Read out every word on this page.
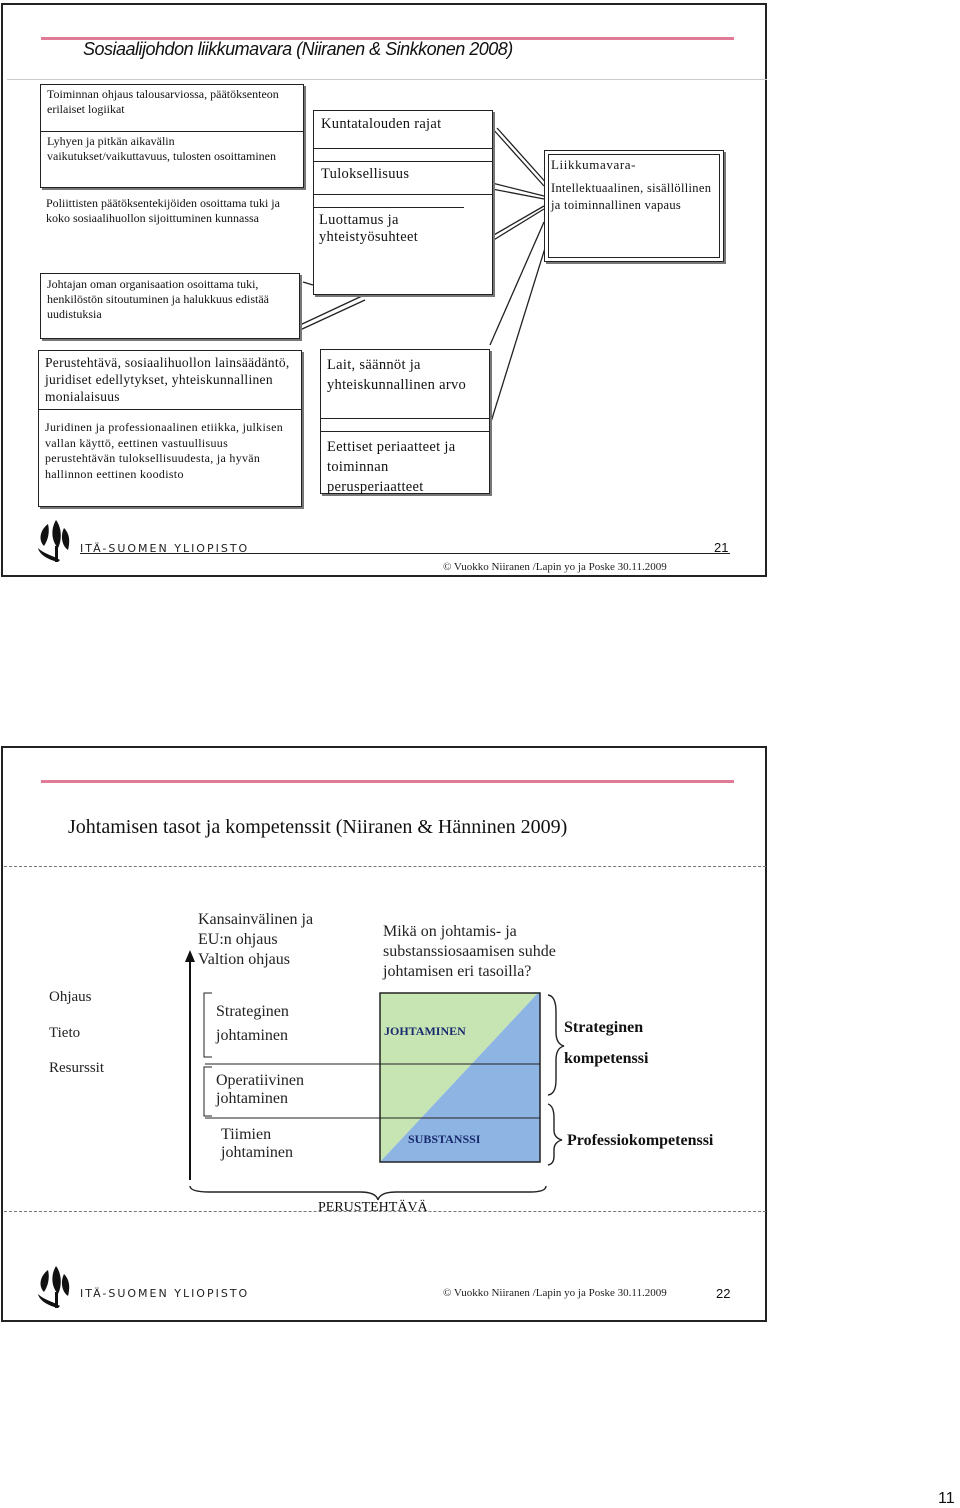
Sosiaalijohdon liikkumavara (Niiranen & Sinkkonen 2008)
Toiminnan ohjaus talousarviossa, päätöksenteon erilaiset logiikat
Lyhyen ja pitkän aikavälin vaikutukset/vaikuttavuus, tulosten osoittaminen
Poliittisten päätöksentekijöiden osoittama tuki ja koko sosiaalihuollon sijoittuminen kunnassa
Johtajan oman organisaation osoittama tuki, henkilöstön sitoutuminen ja halukkuus edistää uudistuksia
Kuntatalouden rajat
Tuloksellisuus
Luottamus ja yhteistyösuhteet
Liikkumavara-
Intellektuaalinen, sisällöllinen ja toiminnallinen vapaus
Perustehtävä, sosiaalihuollon lainsäädäntö, juridiset edellytykset, yhteiskunnallinen monialaisuus
Juridinen ja professionaalinen etiikka, julkisen vallan käyttö, eettinen vastuullisuus perustehtävän tuloksellisuudesta, ja hyvän hallinnon eettinen koodisto
Lait, säännöt ja yhteiskunnallinen arvo
Eettiset periaatteet ja toiminnan perusperiaatteet
ITÄ-SUOMEN YLIOPISTO	21
© Vuokko Niiranen /Lapin yo ja Poske 30.11.2009
Johtamisen tasot ja kompetenssit (Niiranen & Hänninen 2009)
Ohjaus
Tieto
Resurssit
Kansainvälinen ja EU:n ohjaus Valtion ohjaus
Strateginen johtaminen
Operatiivinen johtaminen
Tiimien johtaminen
Mikä on johtamis- ja substanssiosaamisen suhde johtamisen eri tasoilla?
JOHTAMINEN
SUBSTANSSI
Strateginen
kompetenssi
Professiokompetenssi
PERUSTEHTÄVÄ
ITÄ-SUOMEN YLIOPISTO	© Vuokko Niiranen /Lapin yo ja Poske 30.11.2009	22
11
